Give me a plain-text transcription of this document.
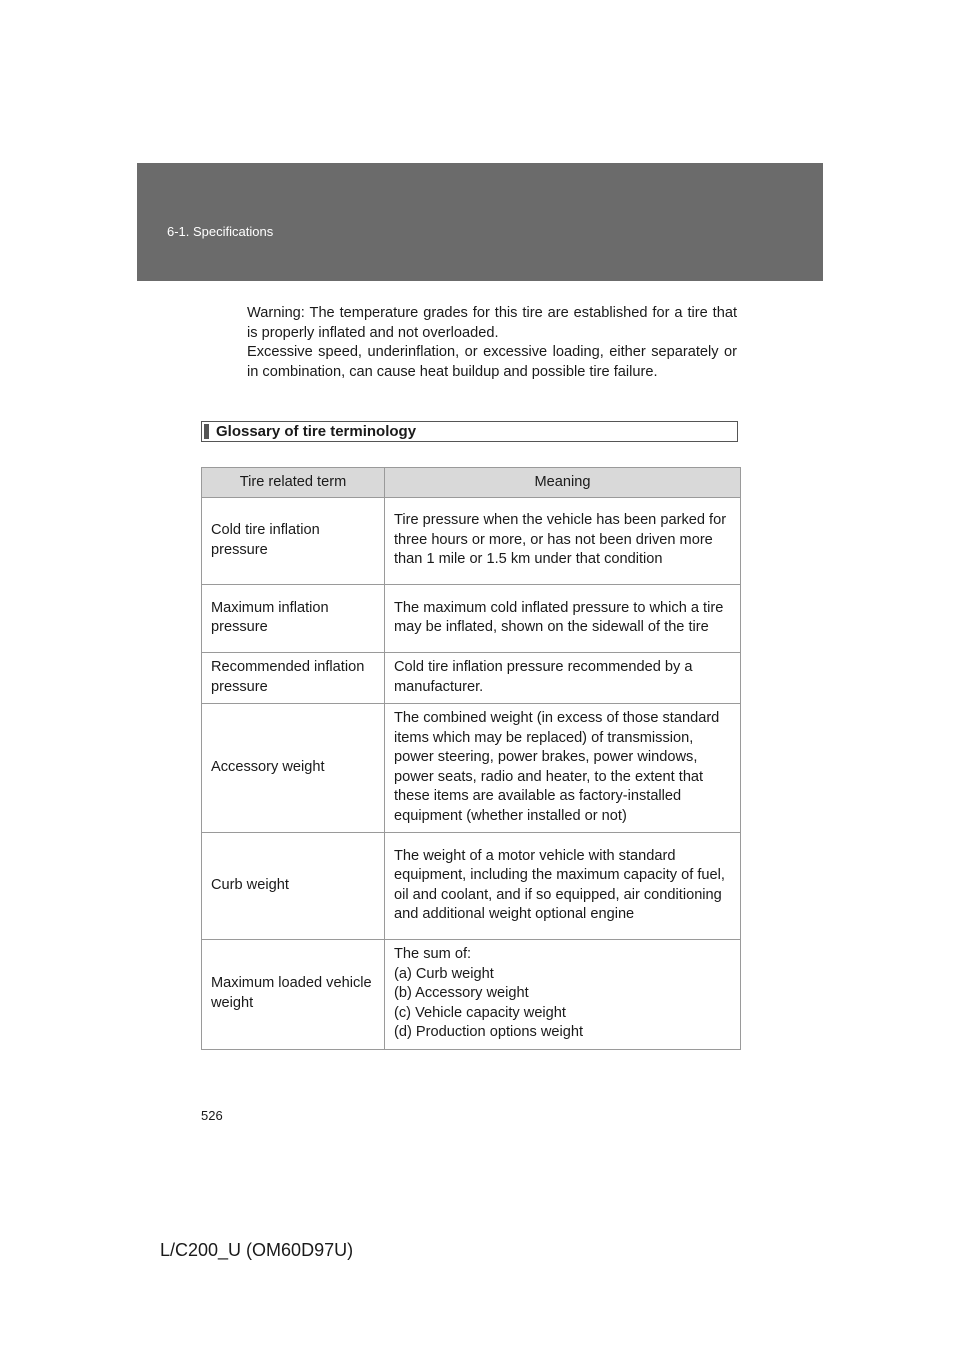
6-1. Specifications

Warning: The temperature grades for this tire are established for a tire that is properly inflated and not overloaded.

Excessive speed, underinflation, or excessive loading, either separately or in combination, can cause heat buildup and possible tire failure.

Glossary of tire terminology
Tire related term	Meaning
Cold tire inflation pressure	Tire pressure when the vehicle has been parked for three hours or more, or has not been driven more than 1 mile or 1.5 km under that condition
Maximum inflation pressure	The maximum cold inflated pressure to which a tire may be inflated, shown on the sidewall of the tire
Recommended inflation pressure	Cold tire inflation pressure recommended by a manufacturer.
Accessory weight	The combined weight (in excess of those standard items which may be replaced) of transmission, power steering, power brakes, power windows, power seats, radio and heater, to the extent that these items are available as factory-installed equipment (whether installed or not)
Curb weight	The weight of a motor vehicle with standard equipment, including the maximum capacity of fuel, oil and coolant, and if so equipped, air conditioning and additional weight optional engine
Maximum loaded vehicle weight	The sum of:
(a) Curb weight
(b) Accessory weight
(c) Vehicle capacity weight
(d) Production options weight
526
L/C200_U (OM60D97U)
